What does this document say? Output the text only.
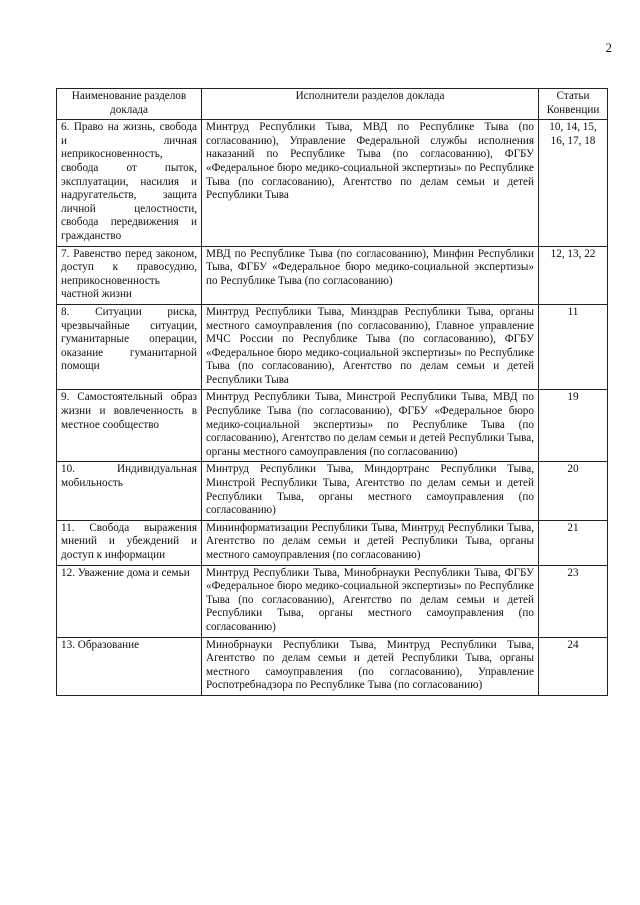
2
Наименование разделов доклада	Исполнители разделов доклада	Статьи Конвенции
6. Право на жизнь, свобода и личная неприкосновенность, свобода от пыток, эксплуатации, насилия и надругательств, защита личной целостности, свобода передвижения и гражданство	Минтруд Республики Тыва, МВД по Республике Тыва (по согласованию), Управление Федеральной службы исполнения наказаний по Республике Тыва (по согласованию), ФГБУ «Федеральное бюро медико-социальной экспертизы» по Республике Тыва (по согласованию), Агентство по делам семьи и детей Республики Тыва	10, 14, 15, 16, 17, 18
7. Равенство перед законом, доступ к правосудию, неприкосновенность частной жизни	МВД по Республике Тыва (по согласованию), Минфин Республики Тыва, ФГБУ «Федеральное бюро медико-социальной экспертизы» по Республике Тыва (по согласованию)	12, 13, 22
8. Ситуации риска, чрезвычайные ситуации, гуманитарные операции, оказание гуманитарной помощи	Минтруд Республики Тыва, Минздрав Республики Тыва, органы местного самоуправления (по согласованию), Главное управление МЧС России по Республике Тыва (по согласованию), ФГБУ «Федеральное бюро медико-социальной экспертизы» по Республике Тыва (по согласованию), Агентство по делам семьи и детей Республики Тыва	11
9. Самостоятельный образ жизни и вовлеченность в местное сообщество	Минтруд Республики Тыва, Минстрой Республики Тыва, МВД по Республике Тыва (по согласованию), ФГБУ «Федеральное бюро медико-социальной экспертизы» по Республике Тыва (по согласованию), Агентство по делам семьи и детей Республики Тыва, органы местного самоуправления (по согласованию)	19
10. Индивидуальная мобильность	Минтруд Республики Тыва, Миндортранс Республики Тыва, Минстрой Республики Тыва, Агентство по делам семьи и детей Республики Тыва, органы местного самоуправления (по согласованию)	20
11. Свобода выражения мнений и убеждений и доступ к информации	Мининформатизации Республики Тыва, Минтруд Республики Тыва, Агентство по делам семьи и детей Республики Тыва, органы местного самоуправления (по согласованию)	21
12. Уважение дома и семьи	Минтруд Республики Тыва, Минобрнауки Республики Тыва, ФГБУ «Федеральное бюро медико-социальной экспертизы» по Республике Тыва (по согласованию), Агентство по делам семьи и детей Республики Тыва, органы местного самоуправления (по согласованию)	23
13. Образование	Минобрнауки Республики Тыва, Минтруд Республики Тыва, Агентство по делам семьи и детей Республики Тыва, органы местного самоуправления (по согласованию), Управление Роспотребнадзора по Республике Тыва (по согласованию)	24
